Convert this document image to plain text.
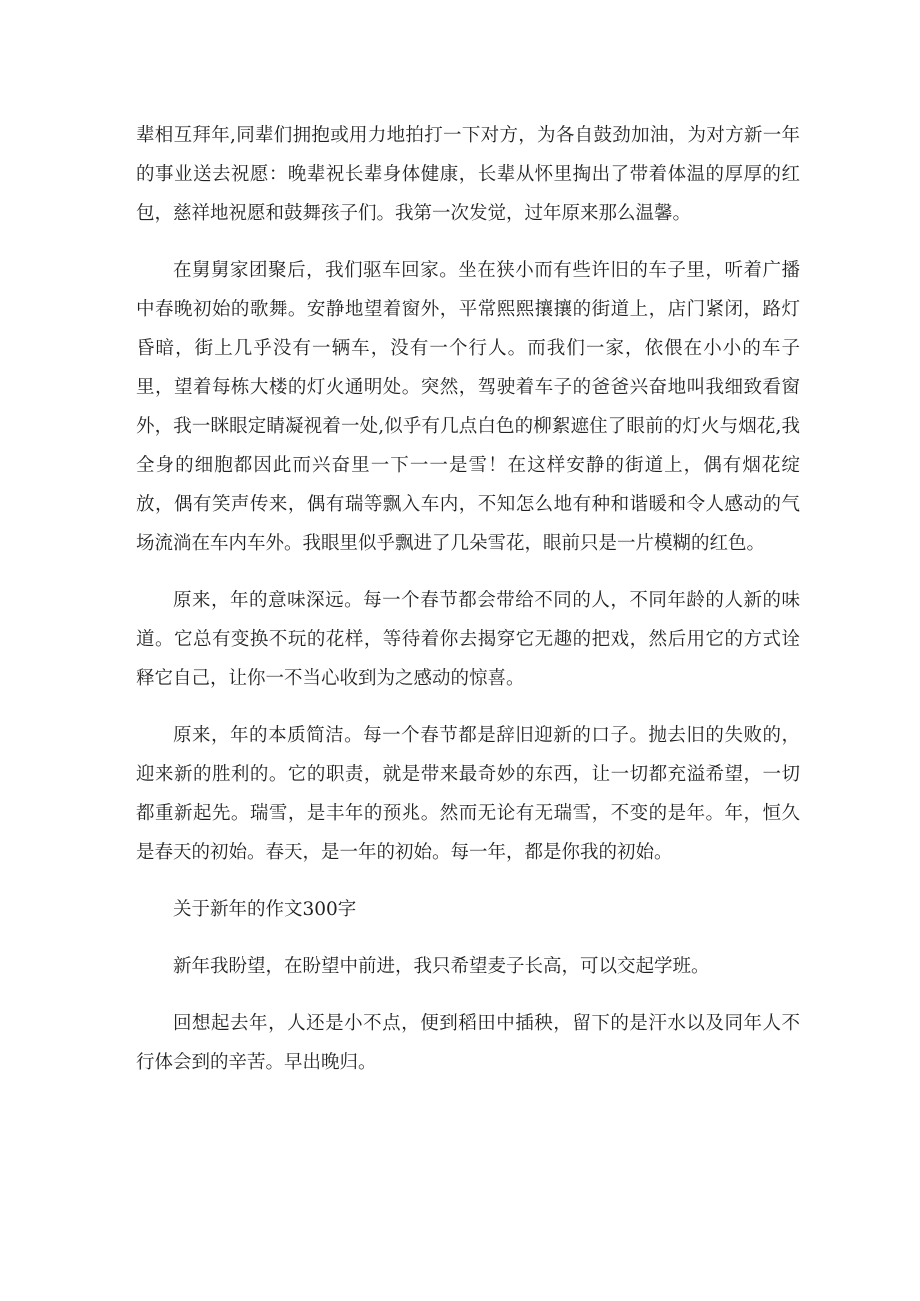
辈相互拜年,同辈们拥抱或用力地拍打一下对方，为各自鼓劲加油，为对方新一年的事业送去祝愿：晚辈祝长辈身体健康，长辈从怀里掏出了带着体温的厚厚的红包，慈祥地祝愿和鼓舞孩子们。我第一次发觉，过年原来那么温馨。

在舅舅家团聚后，我们驱车回家。坐在狭小而有些许旧的车子里，听着广播中春晚初始的歌舞。安静地望着窗外，平常熙熙攘攘的街道上，店门紧闭，路灯昏暗，街上几乎没有一辆车，没有一个行人。而我们一家，依偎在小小的车子里，望着每栋大楼的灯火通明处。突然，驾驶着车子的爸爸兴奋地叫我细致看窗外，我一眯眼定睛凝视着一处,似乎有几点白色的柳絮遮住了眼前的灯火与烟花,我全身的细胞都因此而兴奋里一下一一是雪！在这样安静的街道上，偶有烟花绽放，偶有笑声传来，偶有瑞等飘入车内，不知怎么地有种和谐暖和令人感动的气场流淌在车内车外。我眼里似乎飘进了几朵雪花，眼前只是一片模糊的红色。

原来，年的意味深远。每一个春节都会带给不同的人，不同年龄的人新的味道。它总有变换不玩的花样，等待着你去揭穿它无趣的把戏，然后用它的方式诠释它自己，让你一不当心收到为之感动的惊喜。

原来，年的本质简洁。每一个春节都是辞旧迎新的口子。抛去旧的失败的，迎来新的胜利的。它的职责，就是带来最奇妙的东西，让一切都充溢希望，一切都重新起先。瑞雪，是丰年的预兆。然而无论有无瑞雪，不变的是年。年，恒久是春天的初始。春天，是一年的初始。每一年，都是你我的初始。

关于新年的作文300字

新年我盼望，在盼望中前进，我只希望麦子长高，可以交起学班。

回想起去年，人还是小不点，便到稻田中插秧，留下的是汗水以及同年人不行体会到的辛苦。早出晚归。
